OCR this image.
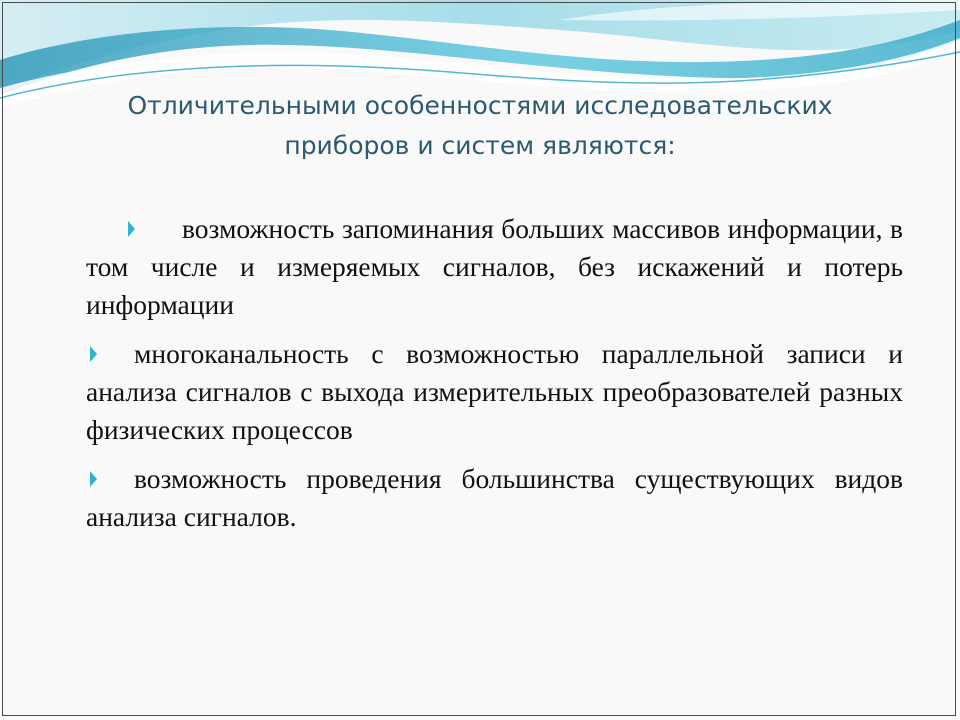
Отличительными особенностями исследовательских
приборов и систем являются:
возможность запоминания больших массивов информации, в том числе и измеряемых сигналов, без искажений и потерь информации
многоканальность с возможностью параллельной записи и анализа сигналов с выхода измерительных преобразователей разных физических процессов
возможность проведения большинства существующих видов анализа сигналов.
